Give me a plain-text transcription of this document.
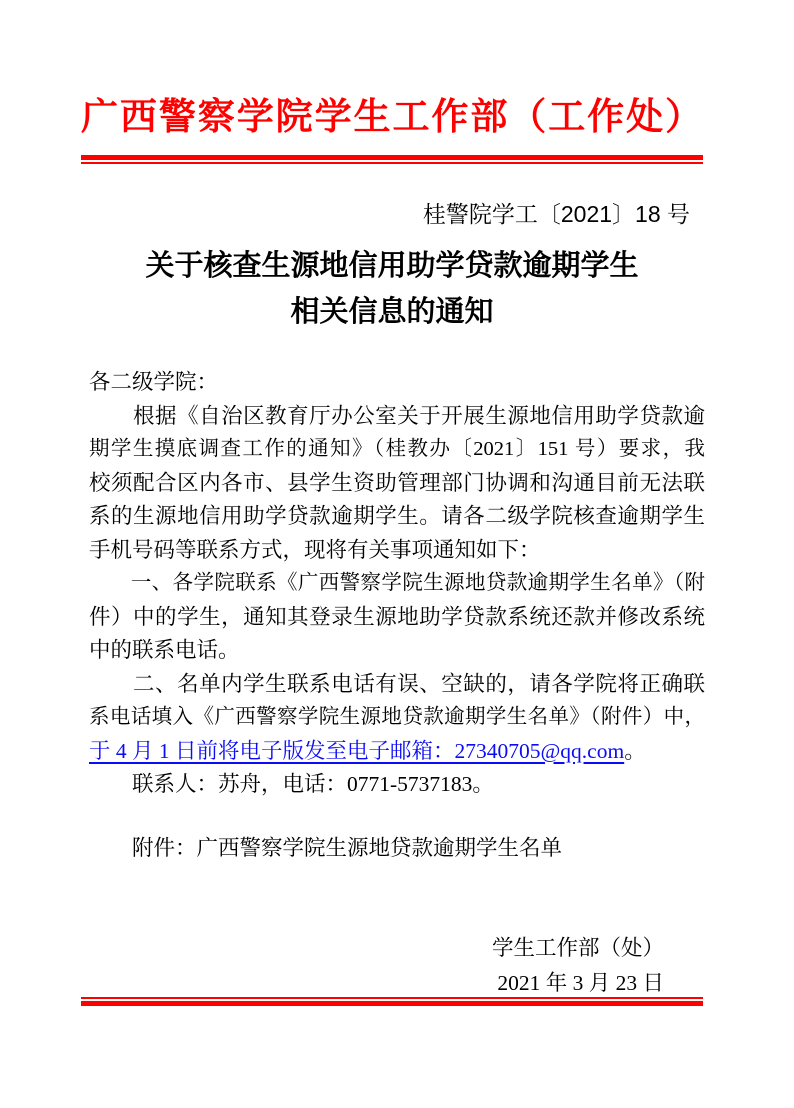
广西警察学院学生工作部（工作处）
桂警院学工〔2021〕18 号
关于核查生源地信用助学贷款逾期学生
相关信息的通知
各二级学院：
　　根据《自治区教育厅办公室关于开展生源地信用助学贷款逾
期学生摸底调查工作的通知》（桂教办〔2021〕151 号）要求，我
校须配合区内各市、县学生资助管理部门协调和沟通目前无法联
系的生源地信用助学贷款逾期学生。请各二级学院核查逾期学生
手机号码等联系方式，现将有关事项通知如下：
　　一、各学院联系《广西警察学院生源地贷款逾期学生名单》（附
件）中的学生，通知其登录生源地助学贷款系统还款并修改系统
中的联系电话。
　　二、名单内学生联系电话有误、空缺的，请各学院将正确联
系电话填入《广西警察学院生源地贷款逾期学生名单》（附件）中，
于 4 月 1 日前将电子版发至电子邮箱：27340705@qq.com。
　　联系人：苏舟，电话：0771-5737183。
　　附件：广西警察学院生源地贷款逾期学生名单
学生工作部（处）
2021 年 3 月 23 日
